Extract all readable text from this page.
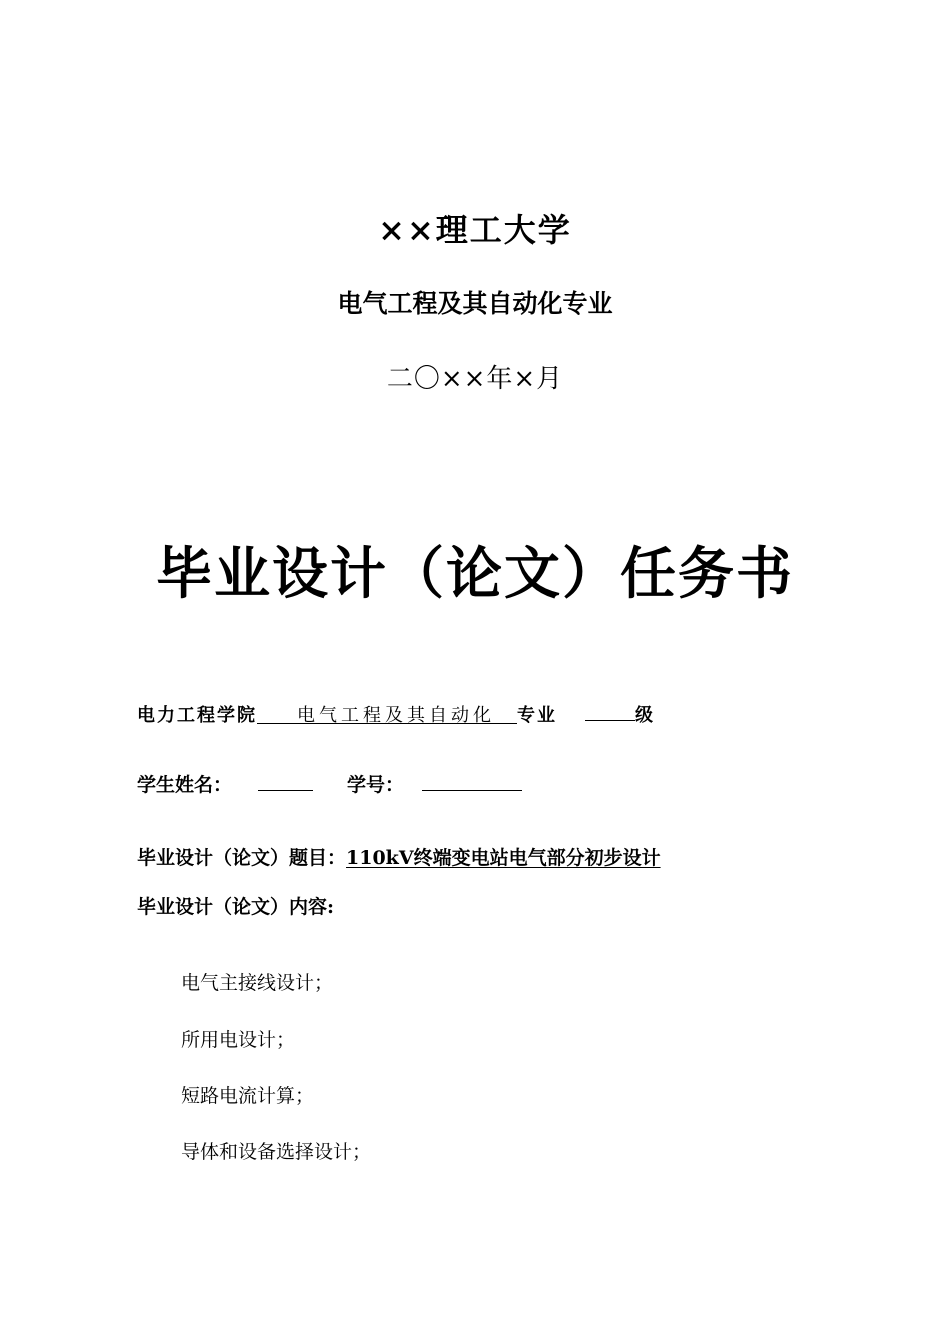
××理工大学
电气工程及其自动化专业
二〇××年×月
毕业设计（论文）任务书
电力工程学院 电气工程及其自动化 专业	级
学生姓名：	学号：
毕业设计（论文）题目：110kV终端变电站电气部分初步设计
毕业设计（论文）内容:
电气主接线设计；
所用电设计；
短路电流计算；
导体和设备选择设计；
